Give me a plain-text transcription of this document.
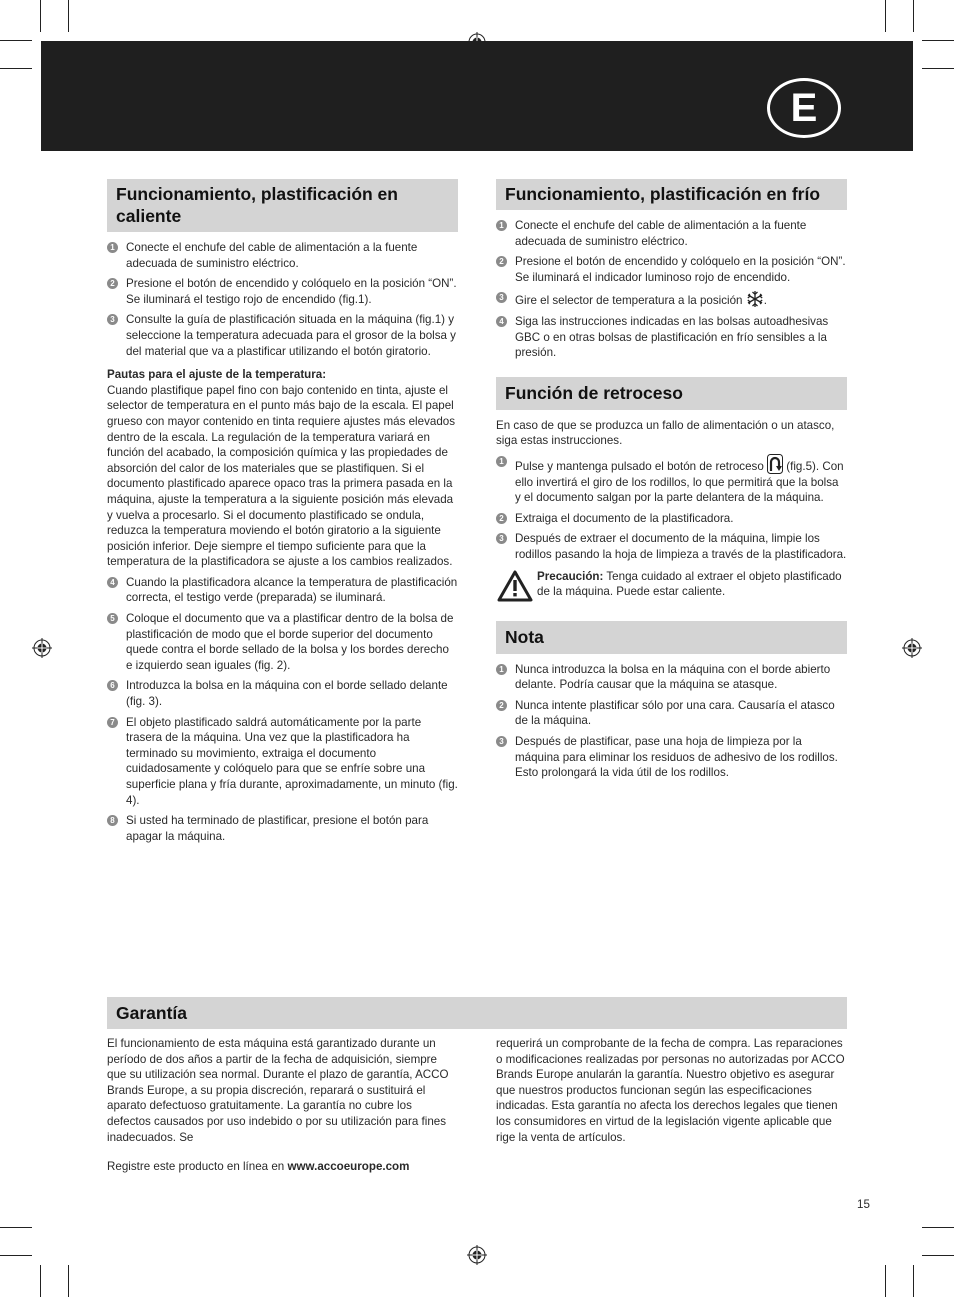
E
Funcionamiento, plastificación en caliente
1 Conecte el enchufe del cable de alimentación a la fuente adecuada de suministro eléctrico.
2 Presione el botón de encendido y colóquelo en la posición “ON”. Se iluminará el testigo rojo de encendido (fig.1).
3 Consulte la guía de plastificación situada en la máquina (fig.1) y seleccione la temperatura adecuada para el grosor de la bolsa y del material que va a plastificar utilizando el botón giratorio.
Pautas para el ajuste de la temperatura:
Cuando plastifique papel fino con bajo contenido en tinta, ajuste el selector de temperatura en el punto más bajo de la escala. El papel grueso con mayor contenido en tinta requiere ajustes más elevados dentro de la escala. La regulación de la temperatura variará en función del acabado, la composición química y las propiedades de absorción del calor de los materiales que se plastifiquen. Si el documento plastificado aparece opaco tras la primera pasada en la máquina, ajuste la temperatura a la siguiente posición más elevada y vuelva a procesarlo. Si el documento plastificado se ondula, reduzca la temperatura moviendo el botón giratorio a la siguiente posición inferior. Deje siempre el tiempo suficiente para que la temperatura de la plastificadora se ajuste a los cambios realizados.
4 Cuando la plastificadora alcance la temperatura de plastificación correcta, el testigo verde (preparada) se iluminará.
5 Coloque el documento que va a plastificar dentro de la bolsa de plastificación de modo que el borde superior del documento quede contra el borde sellado de la bolsa y los bordes derecho e izquierdo sean iguales (fig. 2).
6 Introduzca la bolsa en la máquina con el borde sellado delante (fig. 3).
7 El objeto plastificado saldrá automáticamente por la parte trasera de la máquina. Una vez que la plastificadora ha terminado su movimiento, extraiga el documento cuidadosamente y colóquelo para que se enfríe sobre una superficie plana y fría durante, aproximadamente, un minuto (fig. 4).
8 Si usted ha terminado de plastificar, presione el botón para apagar la máquina.
Funcionamiento, plastificación en frío
1 Conecte el enchufe del cable de alimentación a la fuente adecuada de suministro eléctrico.
2 Presione el botón de encendido y colóquelo en la posición “ON”. Se iluminará el indicador luminoso rojo de encendido.
3 Gire el selector de temperatura a la posición .
4 Siga las instrucciones indicadas en las bolsas autoadhesivas GBC o en otras bolsas de plastificación en frío sensibles a la presión.
Función de retroceso
En caso de que se produzca un fallo de alimentación o un atasco, siga estas instrucciones.
1 Pulse y mantenga pulsado el botón de retroceso (fig.5). Con ello invertirá el giro de los rodillos, lo que permitirá que la bolsa y el documento salgan por la parte delantera de la máquina.
2 Extraiga el documento de la plastificadora.
3 Después de extraer el documento de la máquina, limpie los rodillos pasando la hoja de limpieza a través de la plastificadora.
Precaución: Tenga cuidado al extraer el objeto plastificado de la máquina. Puede estar caliente.
Nota
1 Nunca introduzca la bolsa en la máquina con el borde abierto delante. Podría causar que la máquina se atasque.
2 Nunca intente plastificar sólo por una cara. Causaría el atasco de la máquina.
3 Después de plastificar, pase una hoja de limpieza por la máquina para eliminar los residuos de adhesivo de los rodillos. Esto prolongará la vida útil de los rodillos.
Garantía
El funcionamiento de esta máquina está garantizado durante un período de dos años a partir de la fecha de adquisición, siempre que su utilización sea normal. Durante el plazo de garantía, ACCO Brands Europe, a su propia discreción, reparará o sustituirá el aparato defectuoso gratuitamente. La garantía no cubre los defectos causados por uso indebido o por su utilización para fines inadecuados. Se
Registre este producto en línea en www.accoeurope.com
requerirá un comprobante de la fecha de compra. Las reparaciones o modificaciones realizadas por personas no autorizadas por ACCO Brands Europe anularán la garantía. Nuestro objetivo es asegurar que nuestros productos funcionan según las especificaciones indicadas. Esta garantía no afecta los derechos legales que tienen los consumidores en virtud de la legislación vigente aplicable que rige la venta de artículos.
15
